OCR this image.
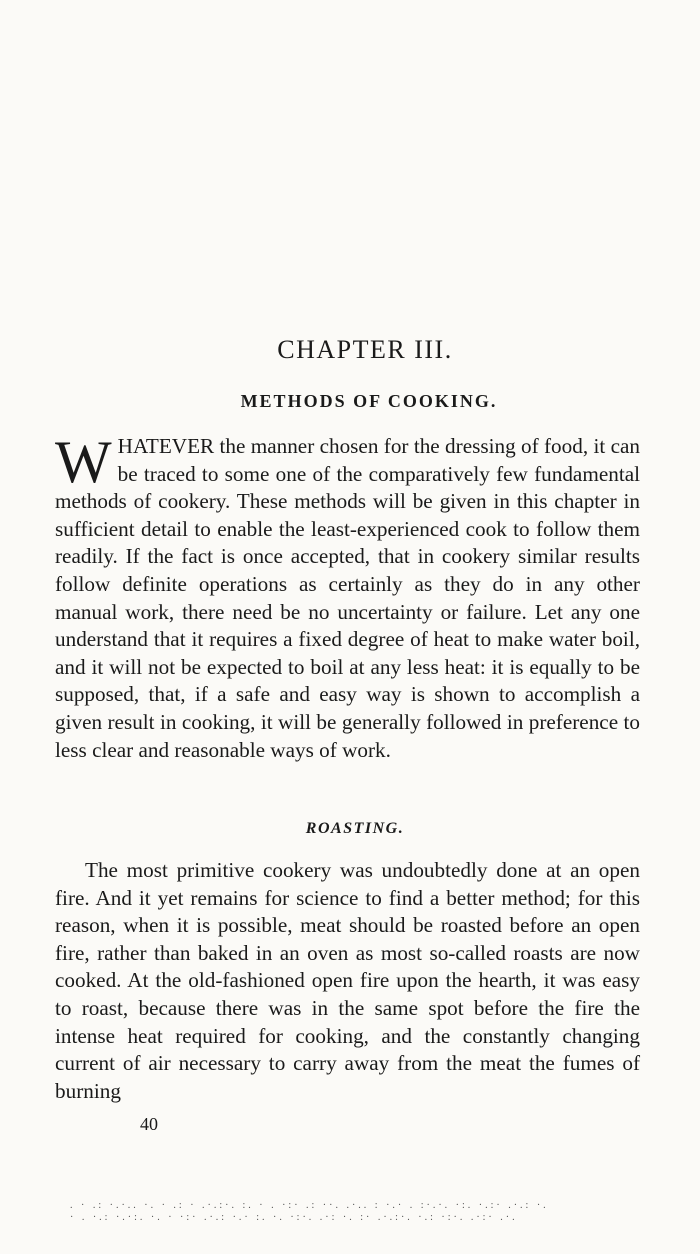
CHAPTER III.
METHODS OF COOKING.

WHATEVER the manner chosen for the dressing of food, it can be traced to some one of the comparatively few fundamental methods of cookery. These methods will be given in this chapter in sufficient detail to enable the least-experienced cook to follow them readily. If the fact is once accepted, that in cookery similar results follow definite operations as certainly as they do in any other manual work, there need be no uncertainty or failure. Let any one understand that it requires a fixed degree of heat to make water boil, and it will not be expected to boil at any less heat: it is equally to be supposed, that, if a safe and easy way is shown to accomplish a given result in cooking, it will be generally followed in preference to less clear and reasonable ways of work.

ROASTING.

The most primitive cookery was undoubtedly done at an open fire. And it yet remains for science to find a better method; for this reason, when it is possible, meat should be roasted before an open fire, rather than baked in an oven as most so-called roasts are now cooked. At the old-fashioned open fire upon the hearth, it was easy to roast, because there was in the same spot before the fire the intense heat required for cooking, and the constantly changing current of air necessary to carry away from the meat the fumes of burning

40
. · .: ·.·.. ·. · .: · .·.:·. :. · . ·:· .: ··. .·.. : ·.· . :·.·. ·:. ·.:· .·.: ·.
· . ·.: ·.·:. ·. · ·:· .·.: ·.· :. ·. ·:·. .·: ·. :· .·.:·. ·.: ·:·. .·:· .·.
